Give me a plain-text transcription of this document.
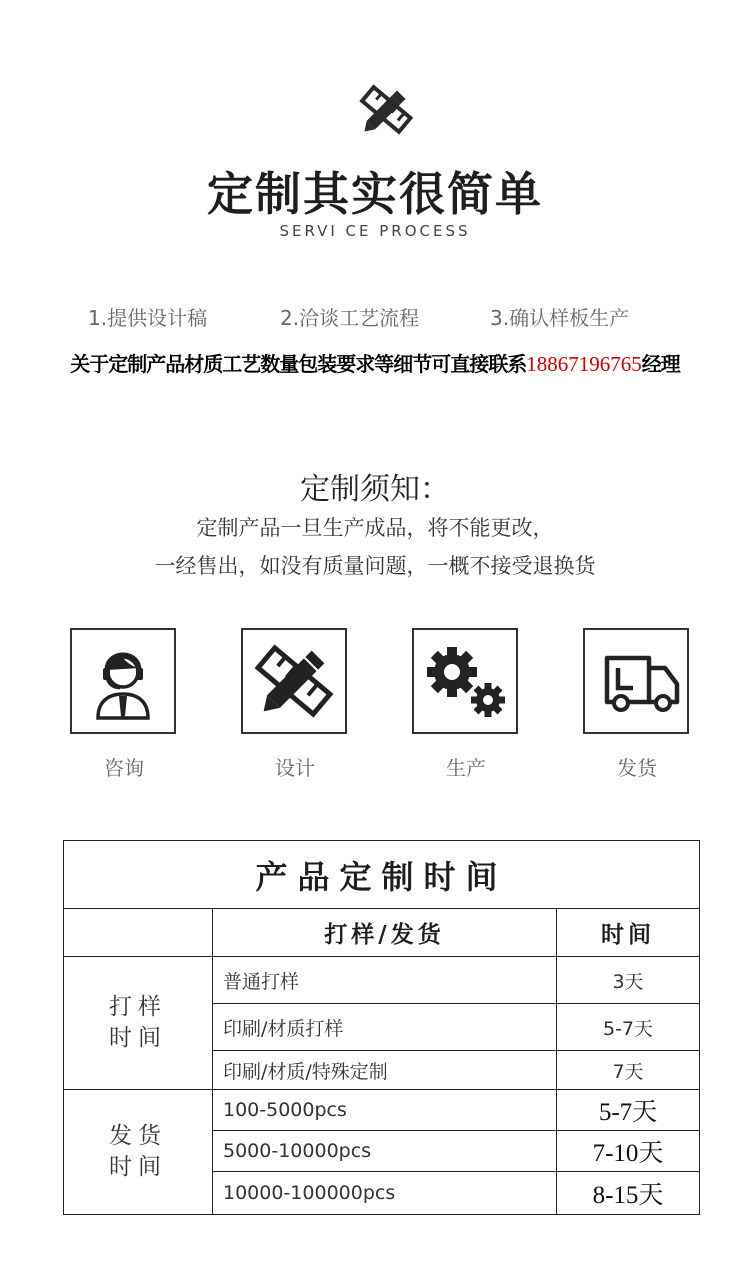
定制其实很简单
SERVI CE PROCESS
1.提供设计稿	2.洽谈工艺流程	3.确认样板生产
关于定制产品材质工艺数量包装要求等细节可直接联系18867196765经理
定制须知：
定制产品一旦生产成品，将不能更改，
一经售出，如没有质量问题，一概不接受退换货
咨询	设计	生产	发货
产品定制时间		
	打样/发货	时间
打样
时间	普通打样	3天
	印刷/材质打样	5-7天
	印刷/材质/特殊定制	7天
发货
时间	100-5000pcs	5-7天
	5000-10000pcs	7-10天
	10000-100000pcs	8-15天
